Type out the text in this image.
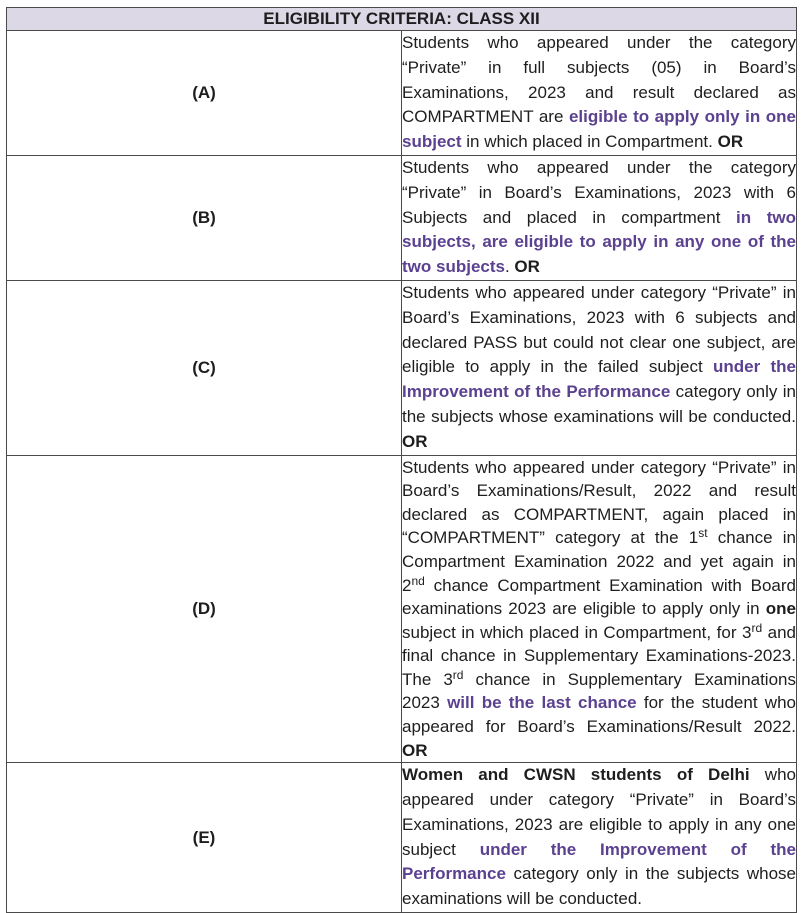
ELIGIBILITY CRITERIA: CLASS XII	
(A)	Students who appeared under the category “Private” in full subjects (05) in Board’s Examinations, 2023 and result declared as COMPARTMENT are eligible to apply only in one subject in which placed in Compartment. OR
(B)	Students who appeared under the category “Private” in Board’s Examinations, 2023 with 6 Subjects and placed in compartment in two subjects, are eligible to apply in any one of the two subjects. OR
(C)	Students who appeared under category “Private” in Board’s Examinations, 2023 with 6 subjects and declared PASS but could not clear one subject, are eligible to apply in the failed subject under the Improvement of the Performance category only in the subjects whose examinations will be conducted. OR
(D)	Students who appeared under category “Private” in Board’s Examinations/Result, 2022 and result declared as COMPARTMENT, again placed in “COMPARTMENT” category at the 1st chance in Compartment Examination 2022 and yet again in 2nd chance Compartment Examination with Board examinations 2023 are eligible to apply only in one subject in which placed in Compartment, for 3rd and final chance in Supplementary Examinations-2023. The 3rd chance in Supplementary Examinations 2023 will be the last chance for the student who appeared for Board’s Examinations/Result 2022. OR
(E)	Women and CWSN students of Delhi who appeared under category “Private” in Board’s Examinations, 2023 are eligible to apply in any one subject under the Improvement of the Performance category only in the subjects whose examinations will be conducted.
